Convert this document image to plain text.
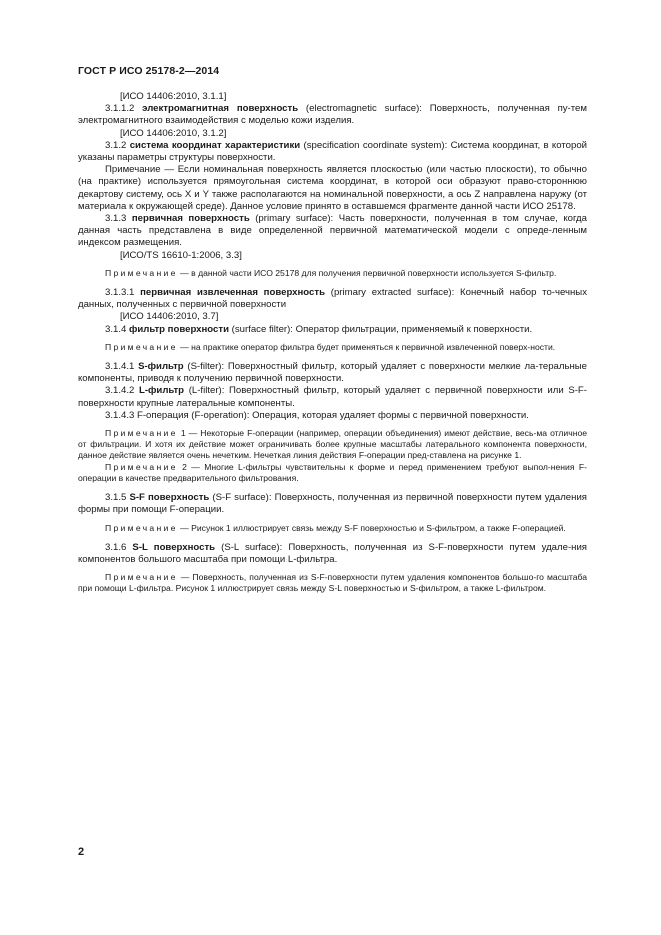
ГОСТ Р ИСО 25178-2—2014

[ИСО 14406:2010, 3.1.1]

3.1.1.2 электромагнитная поверхность (electromagnetic surface): Поверхность, полученная пу-тем электромагнитного взаимодействия с моделью кожи изделия.

[ИСО 14406:2010, 3.1.2]

3.1.2 система координат характеристики (specification coordinate system): Система координат, в которой указаны параметры структуры поверхности.

Примечание — Если номинальная поверхность является плоскостью (или частью плоскости), то обычно (на практике) используется прямоугольная система координат, в которой оси образуют право-стороннюю декартову систему, ось X и Y также располагаются на номинальной поверхности, а ось Z направлена наружу (от материала к окружающей среде). Данное условие принято в оставшемся фрагменте данной части ИСО 25178.

3.1.3 первичная поверхность (primary surface): Часть поверхности, полученная в том случае, когда данная часть представлена в виде определенной первичной математической модели с опреде-ленным индексом размещения.

[ИСО/TS 16610-1:2006, 3.3]

Примечание — в данной части ИСО 25178 для получения первичной поверхности используется S-фильтр.

3.1.3.1 первичная извлеченная поверхность (primary extracted surface): Конечный набор то-чечных данных, полученных с первичной поверхности

[ИСО 14406:2010, 3.7]

3.1.4 фильтр поверхности (surface filter): Оператор фильтрации, применяемый к поверхности.

Примечание — на практике оператор фильтра будет применяться к первичной извлеченной поверх-ности.

3.1.4.1 S-фильтр (S-filter): Поверхностный фильтр, который удаляет с поверхности мелкие ла-теральные компоненты, приводя к получению первичной поверхности.

3.1.4.2 L-фильтр (L-filter): Поверхностный фильтр, который удаляет с первичной поверхности или S-F-поверхности крупные латеральные компоненты.

3.1.4.3 F-операция (F-operation): Операция, которая удаляет формы с первичной поверхности.

Примечание 1 — Некоторые F-операции (например, операции объединения) имеют действие, весь-ма отличное от фильтрации. И хотя их действие может ограничивать более крупные масштабы латерального компонента поверхности, данное действие является очень нечетким. Нечеткая линия действия F-операции пред-ставлена на рисунке 1.

Примечание 2 — Многие L-фильтры чувствительны к форме и перед применением требуют выпол-нения F-операции в качестве предварительного фильтрования.

3.1.5 S-F поверхность (S-F surface): Поверхность, полученная из первичной поверхности путем удаления формы при помощи F-операции.

Примечание — Рисунок 1 иллюстрирует связь между S-F поверхностью и S-фильтром, а также F-операцией.

3.1.6 S-L поверхность (S-L surface): Поверхность, полученная из S-F-поверхности путем удале-ния компонентов большого масштаба при помощи L-фильтра.

Примечание — Поверхность, полученная из S-F-поверхности путем удаления компонентов большо-го масштаба при помощи L-фильтра. Рисунок 1 иллюстрирует связь между S-L поверхностью и S-фильтром, а также L-фильтром.

2
